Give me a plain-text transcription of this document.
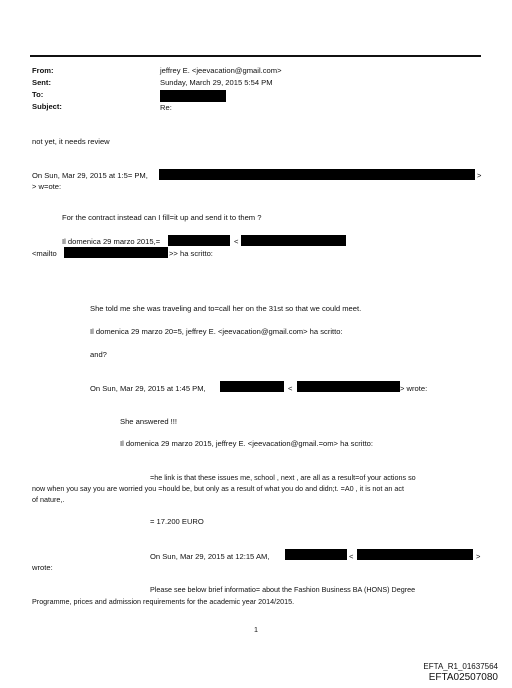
From:	jeffrey E. <jeevacation@gmail.com>
Sent:	Sunday, March 29, 2015 5:54 PM
To:
Subject:	Re:
not yet, it needs review
On Sun, Mar 29, 2015 at 1:5= PM,	>
> w=ote:
For the contract instead can I fill=it up and send it to them ?
Il domenica 29 marzo 2015,=	<
<mailto	>> ha scritto:
She told me she was traveling and to=call her on the 31st so that we could meet.
Il domenica 29 marzo 20=5, jeffrey E. <jeevacation@gmail.com> ha scritto:
and?
On Sun, Mar 29, 2015 at 1:45 PM,	<	> wrote:
She answered !!!
Il domenica 29 marzo 2015, jeffrey E. <jeevacation@gmail.=om> ha scritto:
=he link is that these issues me, school , next , are all as a result=of your actions so
now when you say you are worried you =hould be, but only as a result of what you do and didn;t. =A0 , it is not an act
of nature,.
= 17.200 EURO
On Sun, Mar 29, 2015 at 12:15 AM,	<	>
wrote:
Please see below brief informatio= about the Fashion Business BA (HONS) Degree
Programme, prices and admission requirements for the academic year 2014/2015.
1
EFTA_R1_01637564
EFTA02507080
